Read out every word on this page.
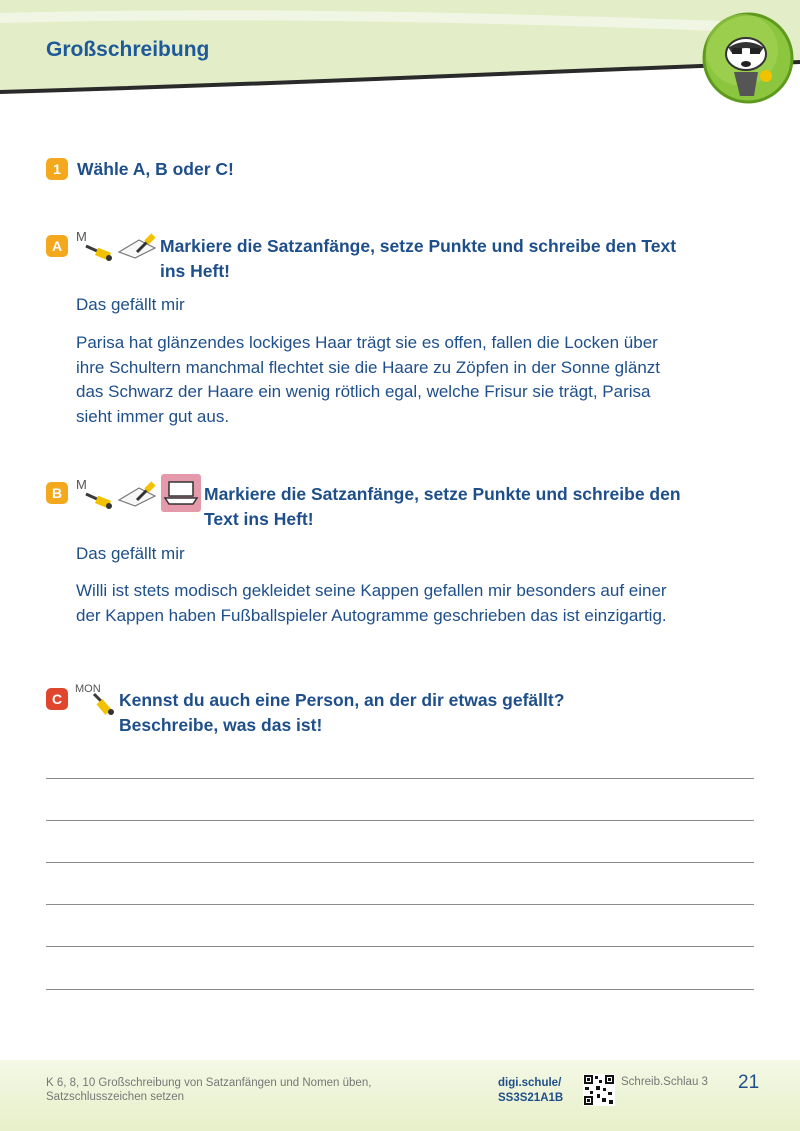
Großschreibung
1 Wähle A, B oder C!
A
M	Markiere die Satzanfänge, setze Punkte und schreibe den Text
ins Heft!
Das gefällt mir
Parisa hat glänzendes lockiges Haar trägt sie es offen, fallen die Locken über
ihre Schultern manchmal flechtet sie die Haare zu Zöpfen in der Sonne glänzt
das Schwarz der Haare ein wenig rötlich egal, welche Frisur sie trägt, Parisa
sieht immer gut aus.
B
M	Markiere die Satzanfänge, setze Punkte und schreibe den
Text ins Heft!
Das gefällt mir
Willi ist stets modisch gekleidet seine Kappen gefallen mir besonders auf einer
der Kappen haben Fußballspieler Autogramme geschrieben das ist einzigartig.
C
MON
Kennst du auch eine Person, an der dir etwas gefällt?
Beschreibe, was das ist!
K 6, 8, 10 Großschreibung von Satzanfängen und Nomen üben,
Satzschlusszeichen setzen
digi.schule/
SS3S21A1B
Schreib.Schlau 3 21
